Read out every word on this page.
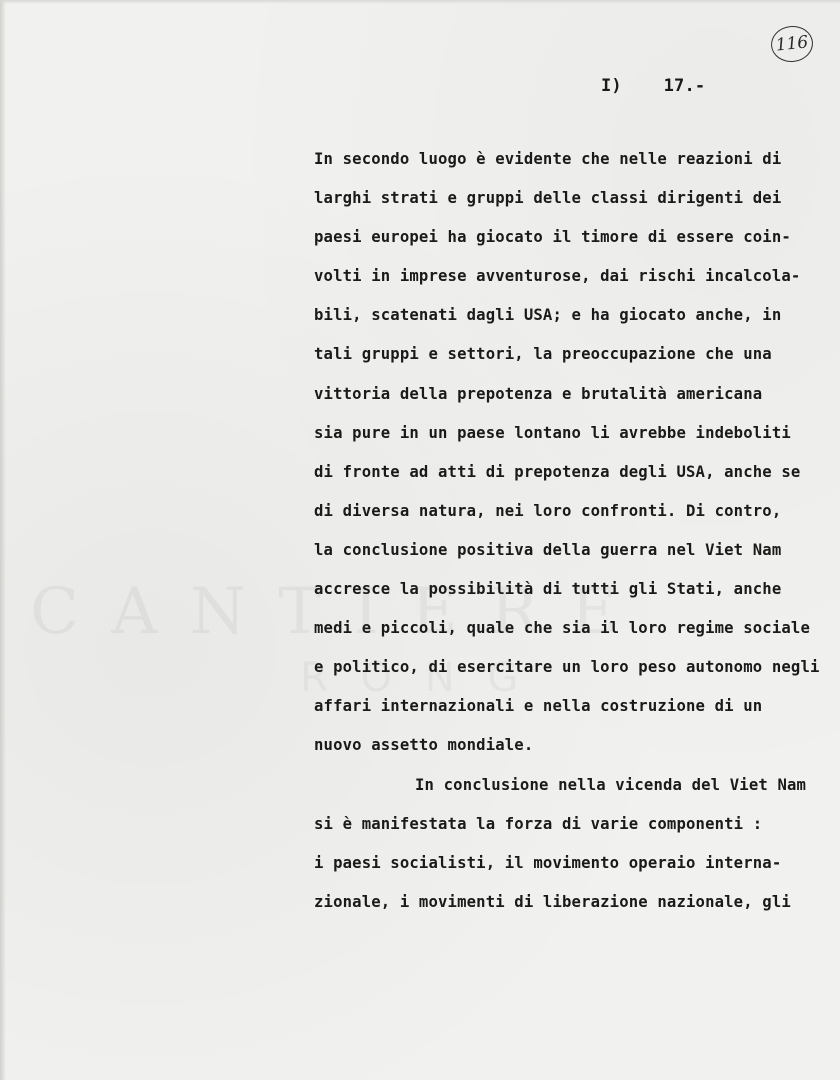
116
I)    17.-
In secondo luogo è evidente che nelle reazioni di
larghi strati e gruppi delle classi dirigenti dei
paesi europei ha giocato il timore di essere coin-
volti in imprese avventurose, dai rischi incalcola-
bili, scatenati dagli USA; e ha giocato anche, in
tali gruppi e settori, la preoccupazione che una
vittoria della prepotenza e brutalità americana
sia pure in un paese lontano li avrebbe indeboliti
di fronte ad atti di prepotenza degli USA, anche se
di diversa natura, nei loro confronti. Di contro,
la conclusione positiva della guerra nel Viet Nam
accresce la possibilità di tutti gli Stati, anche
medi e piccoli, quale che sia il loro regime sociale
e politico, di esercitare un loro peso autonomo negli
affari internazionali e nella costruzione di un
nuovo assetto mondiale.
In conclusione nella vicenda del Viet Nam
si è manifestata la forza di varie componenti :
i paesi socialisti, il movimento operaio interna-
zionale, i movimenti di liberazione nazionale, gli
